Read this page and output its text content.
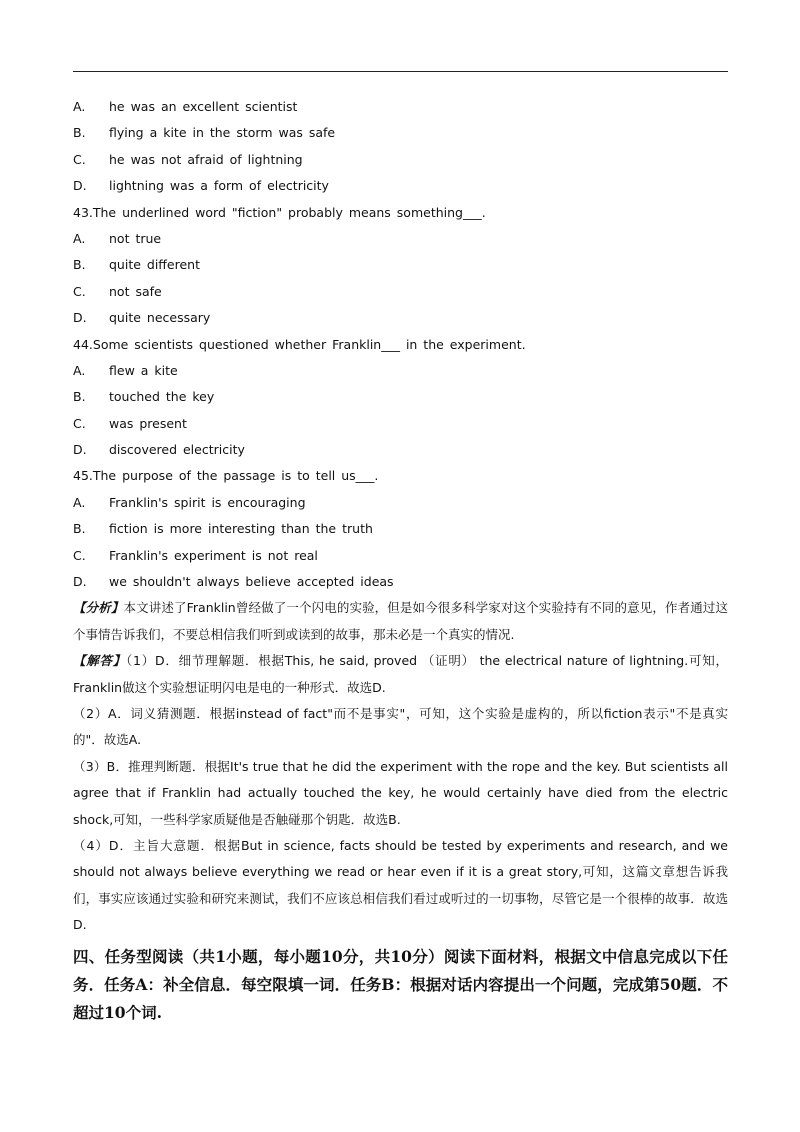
A. he was an excellent scientist
B. flying a kite in the storm was safe
C. he was not afraid of lightning
D. lightning was a form of electricity
43.The underlined word "fiction" probably means something___.
A. not true
B. quite different
C. not safe
D. quite necessary
44.Some scientists questioned whether Franklin___ in the experiment.
A. flew a kite
B. touched the key
C. was present
D. discovered electricity
45.The purpose of the passage is to tell us___.
A. Franklin's spirit is encouraging
B. fiction is more interesting than the truth
C. Franklin's experiment is not real
D. we shouldn't always believe accepted ideas
【分析】本文讲述了Franklin曾经做了一个闪电的实验，但是如今很多科学家对这个实验持有不同的意见，作者通过这个事情告诉我们，不要总相信我们听到或读到的故事，那未必是一个真实的情况.
【解答】（1）D．细节理解题．根据This, he said, proved （证明） the electrical nature of lightning.可知，Franklin做这个实验想证明闪电是电的一种形式．故选D.
（2）A．词义猜测题．根据instead of fact"而不是事实"，可知，这个实验是虚构的，所以fiction表示"不是真实的"．故选A.
（3）B．推理判断题．根据It's true that he did the experiment with the rope and the key. But scientists all agree that if Franklin had actually touched the key, he would certainly have died from the electric shock,可知，一些科学家质疑他是否触碰那个钥匙．故选B.
（4）D．主旨大意题．根据But in science, facts should be tested by experiments and research, and we should not always believe everything we read or hear even if it is a great story,可知，这篇文章想告诉我们，事实应该通过实验和研究来测试，我们不应该总相信我们看过或听过的一切事物，尽管它是一个很棒的故事．故选D.
四、任务型阅读（共1小题，每小题10分，共10分）阅读下面材料，根据文中信息完成以下任务．任务A：补全信息．每空限填一词．任务B：根据对话内容提出一个问题，完成第50题．不超过10个词.
